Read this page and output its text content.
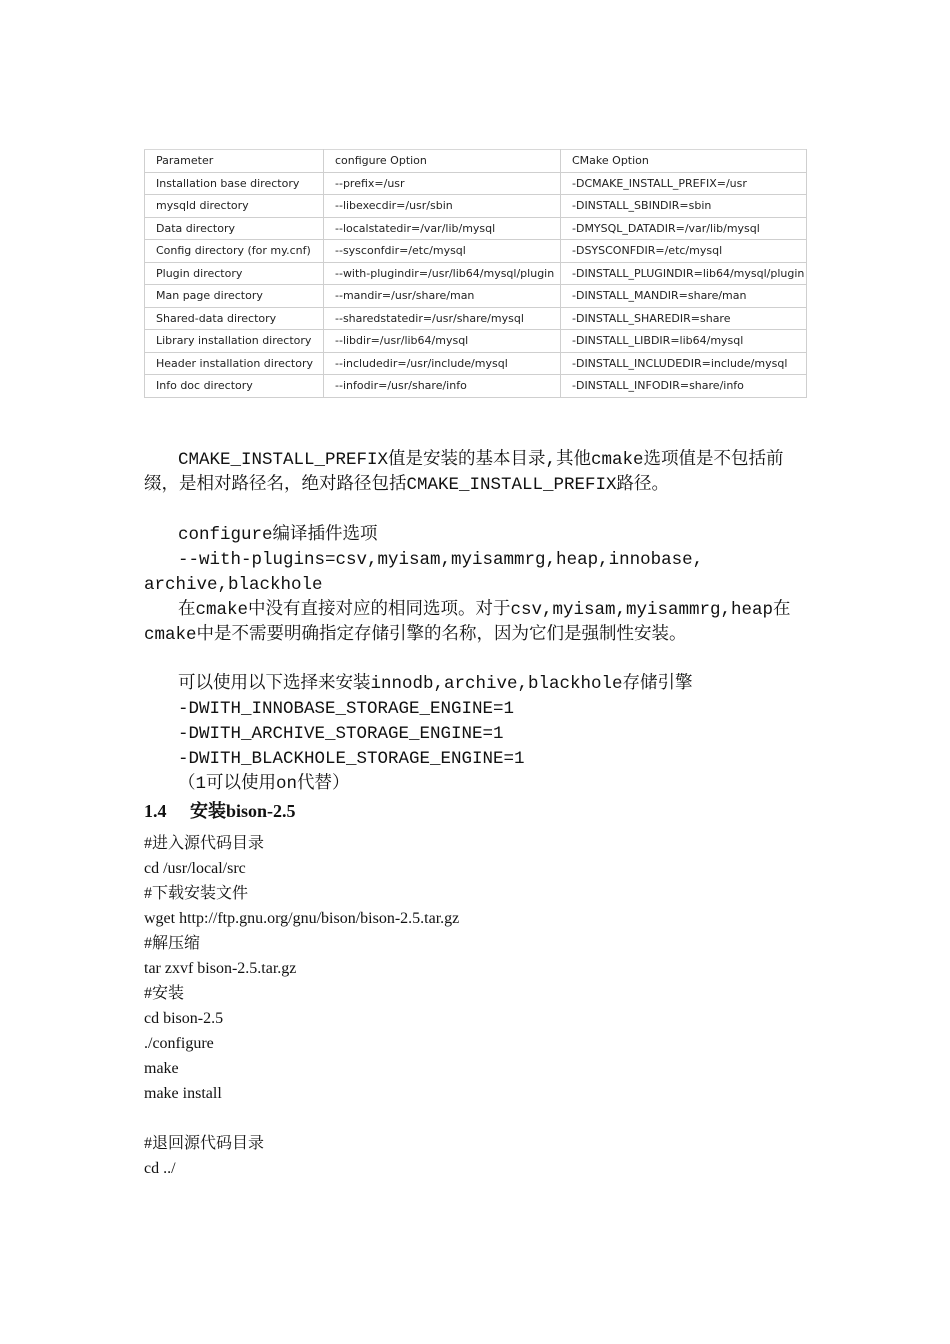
Parameter	configure Option	CMake Option
Installation base directory	--prefix=/usr	-DCMAKE_INSTALL_PREFIX=/usr
mysqld directory	--libexecdir=/usr/sbin	-DINSTALL_SBINDIR=sbin
Data directory	--localstatedir=/var/lib/mysql	-DMYSQL_DATADIR=/var/lib/mysql
Config directory (for my.cnf)	--sysconfdir=/etc/mysql	-DSYSCONFDIR=/etc/mysql
Plugin directory	--with-plugindir=/usr/lib64/mysql/plugin	-DINSTALL_PLUGINDIR=lib64/mysql/plugin
Man page directory	--mandir=/usr/share/man	-DINSTALL_MANDIR=share/man
Shared-data directory	--sharedstatedir=/usr/share/mysql	-DINSTALL_SHAREDIR=share
Library installation directory	--libdir=/usr/lib64/mysql	-DINSTALL_LIBDIR=lib64/mysql
Header installation directory	--includedir=/usr/include/mysql	-DINSTALL_INCLUDEDIR=include/mysql
Info doc directory	--infodir=/usr/share/info	-DINSTALL_INFODIR=share/info
CMAKE_INSTALL_PREFIX值是安装的基本目录,其他cmake选项值是不包括前
缀，是相对路径名，绝对路径包括CMAKE_INSTALL_PREFIX路径。
configure编译插件选项
--with-plugins=csv,myisam,myisammrg,heap,innobase,
archive,blackhole
在cmake中没有直接对应的相同选项。对于csv,myisam,myisammrg,heap在
cmake中是不需要明确指定存储引擎的名称，因为它们是强制性安装。
可以使用以下选择来安装innodb,archive,blackhole存储引擎
-DWITH_INNOBASE_STORAGE_ENGINE=1
-DWITH_ARCHIVE_STORAGE_ENGINE=1
-DWITH_BLACKHOLE_STORAGE_ENGINE=1
（1可以使用on代替）
1.4 安装bison-2.5
#进入源代码目录
cd /usr/local/src
#下载安装文件
wget http://ftp.gnu.org/gnu/bison/bison-2.5.tar.gz
#解压缩
tar zxvf bison-2.5.tar.gz
#安装
cd bison-2.5
./configure
make
make install
#退回源代码目录
cd ../
